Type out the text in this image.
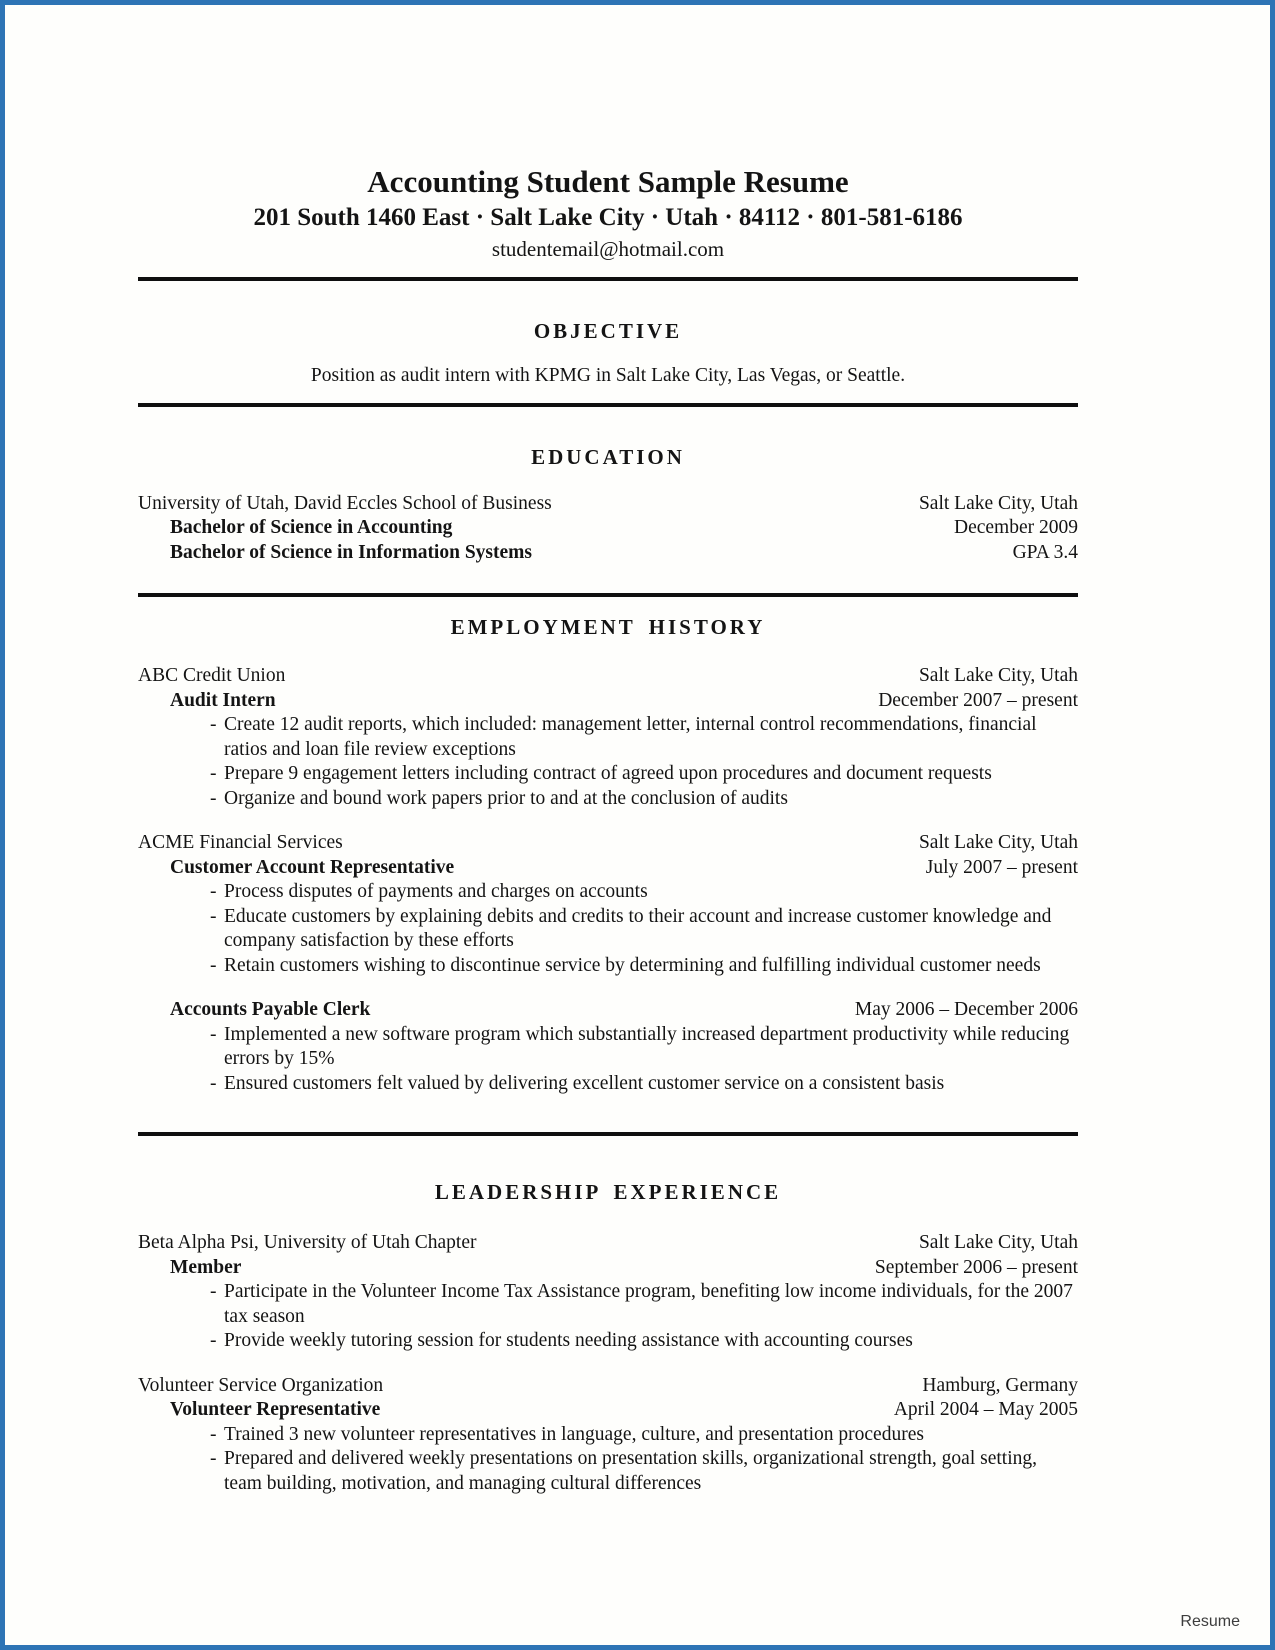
Accounting Student Sample Resume
201 South 1460 East · Salt Lake City · Utah · 84112 · 801-581-6186
studentemail@hotmail.com
OBJECTIVE
Position as audit intern with KPMG in Salt Lake City, Las Vegas, or Seattle.
EDUCATION
University of Utah, David Eccles School of Business	Salt Lake City, Utah
Bachelor of Science in Accounting	December 2009
Bachelor of Science in Information Systems	GPA 3.4
EMPLOYMENT HISTORY
ABC Credit Union	Salt Lake City, Utah
Audit Intern	December 2007 – present
- Create 12 audit reports, which included: management letter, internal control recommendations, financial ratios and loan file review exceptions
- Prepare 9 engagement letters including contract of agreed upon procedures and document requests
- Organize and bound work papers prior to and at the conclusion of audits
ACME Financial Services	Salt Lake City, Utah
Customer Account Representative	July 2007 – present
- Process disputes of payments and charges on accounts
- Educate customers by explaining debits and credits to their account and increase customer knowledge and company satisfaction by these efforts
- Retain customers wishing to discontinue service by determining and fulfilling individual customer needs
Accounts Payable Clerk	May 2006 – December 2006
- Implemented a new software program which substantially increased department productivity while reducing errors by 15%
- Ensured customers felt valued by delivering excellent customer service on a consistent basis
LEADERSHIP EXPERIENCE
Beta Alpha Psi, University of Utah Chapter	Salt Lake City, Utah
Member	September 2006 – present
- Participate in the Volunteer Income Tax Assistance program, benefiting low income individuals, for the 2007 tax season
- Provide weekly tutoring session for students needing assistance with accounting courses
Volunteer Service Organization	Hamburg, Germany
Volunteer Representative	April 2004 – May 2005
- Trained 3 new volunteer representatives in language, culture, and presentation procedures
- Prepared and delivered weekly presentations on presentation skills, organizational strength, goal setting, team building, motivation, and managing cultural differences
Resume
